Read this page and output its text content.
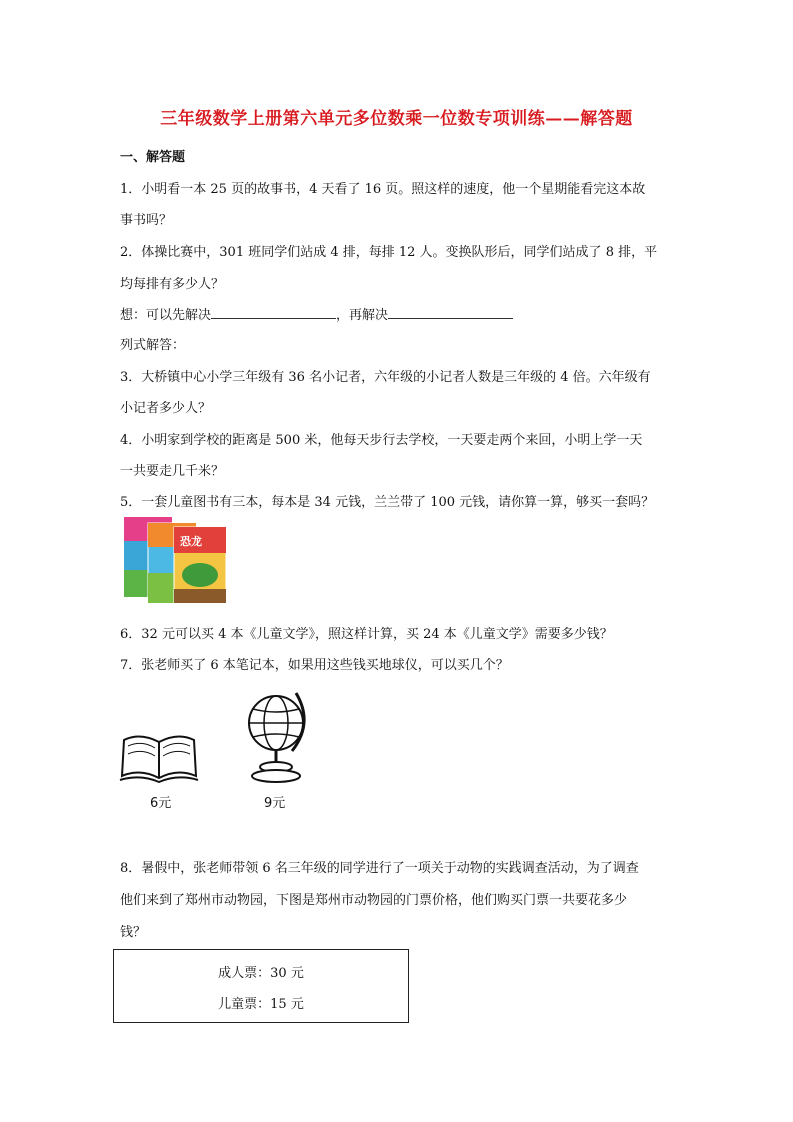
三年级数学上册第六单元多位数乘一位数专项训练——解答题
一、解答题
1．小明看一本 25 页的故事书，4 天看了 16 页。照这样的速度，他一个星期能看完这本故
事书吗？
2．体操比赛中，301 班同学们站成 4 排，每排 12 人。变换队形后，同学们站成了 8 排，平
均每排有多少人？
想：可以先解决	，再解决
列式解答：
3．大桥镇中心小学三年级有 36 名小记者，六年级的小记者人数是三年级的 4 倍。六年级有
小记者多少人？
4．小明家到学校的距离是 500 米，他每天步行去学校，一天要走两个来回，小明上学一天
一共要走几千米？
5．一套儿童图书有三本，每本是 34 元钱，兰兰带了 100 元钱，请你算一算，够买一套吗？
恐龙
6．32 元可以买 4 本《儿童文学》，照这样计算，买 24 本《儿童文学》需要多少钱？
7．张老师买了 6 本笔记本，如果用这些钱买地球仪，可以买几个？
6元	9元
8．暑假中，张老师带领 6 名三年级的同学进行了一项关于动物的实践调查活动，为了调查
他们来到了郑州市动物园，下图是郑州市动物园的门票价格，他们购买门票一共要花多少
钱？
成人票：30 元
儿童票：15 元
